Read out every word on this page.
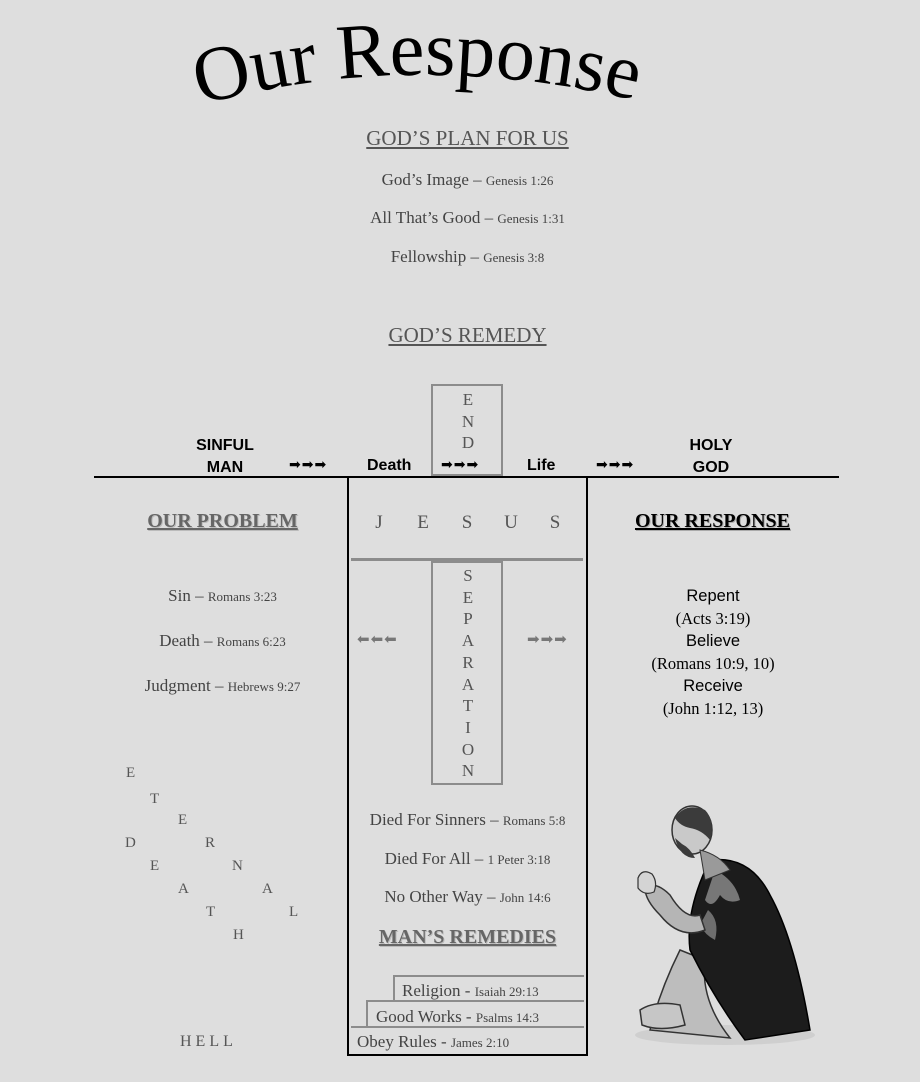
Our Response
GOD’S PLAN FOR US
God’s Image – Genesis 1:26
All That’s Good – Genesis 1:31
Fellowship – Genesis 3:8
GOD’S REMEDY
E
N
D
SINFUL
MAN	➡➡➡ Death ➡➡➡	Life	➡➡➡
HOLY
GOD
J E S U S
S
E
P
A
R
A
T
I
O
N
⬅⬅⬅	➡➡➡
OUR PROBLEM
Sin – Romans 3:23
Death – Romans 6:23
Judgment – Hebrews 9:27
OUR RESPONSE
Repent
(Acts 3:19)
Believe
(Romans 10:9, 10)
Receive
(John 1:12, 13)
Died For Sinners – Romans 5:8
Died For All – 1 Peter 3:18
No Other Way – John 14:6
MAN’S REMEDIES
Religion - Isaiah 29:13
Good Works - Psalms 14:3
Obey Rules - James 2:10
E
T
E
R
N
A
L
D
E
A
T
H
HELL
